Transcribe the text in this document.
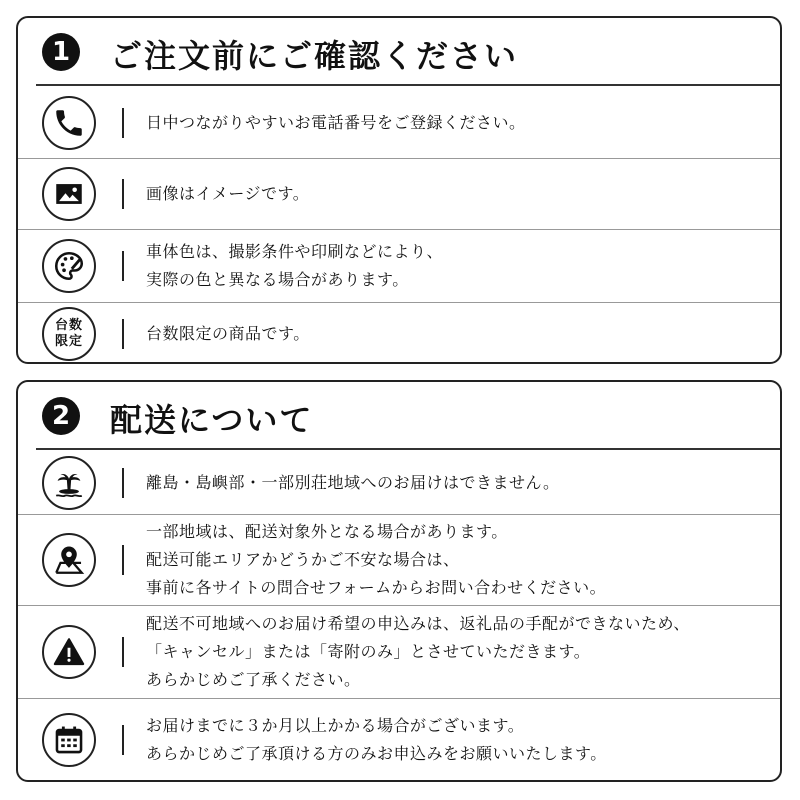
1	ご注文前にご確認ください
日中つながりやすいお電話番号をご登録ください。
画像はイメージです。
車体色は、撮影条件や印刷などにより、
実際の色と異なる場合があります。
台数
限定	台数限定の商品です。
2	配送について
離島・島嶼部・一部別荘地域へのお届けはできません。
一部地域は、配送対象外となる場合があります。
配送可能エリアかどうかご不安な場合は、
事前に各サイトの問合せフォームからお問い合わせください。
配送不可地域へのお届け希望の申込みは、返礼品の手配ができないため、
「キャンセル」または「寄附のみ」とさせていただきます。
あらかじめご了承ください。
お届けまでに３か月以上かかる場合がございます。
あらかじめご了承頂ける方のみお申込みをお願いいたします。
